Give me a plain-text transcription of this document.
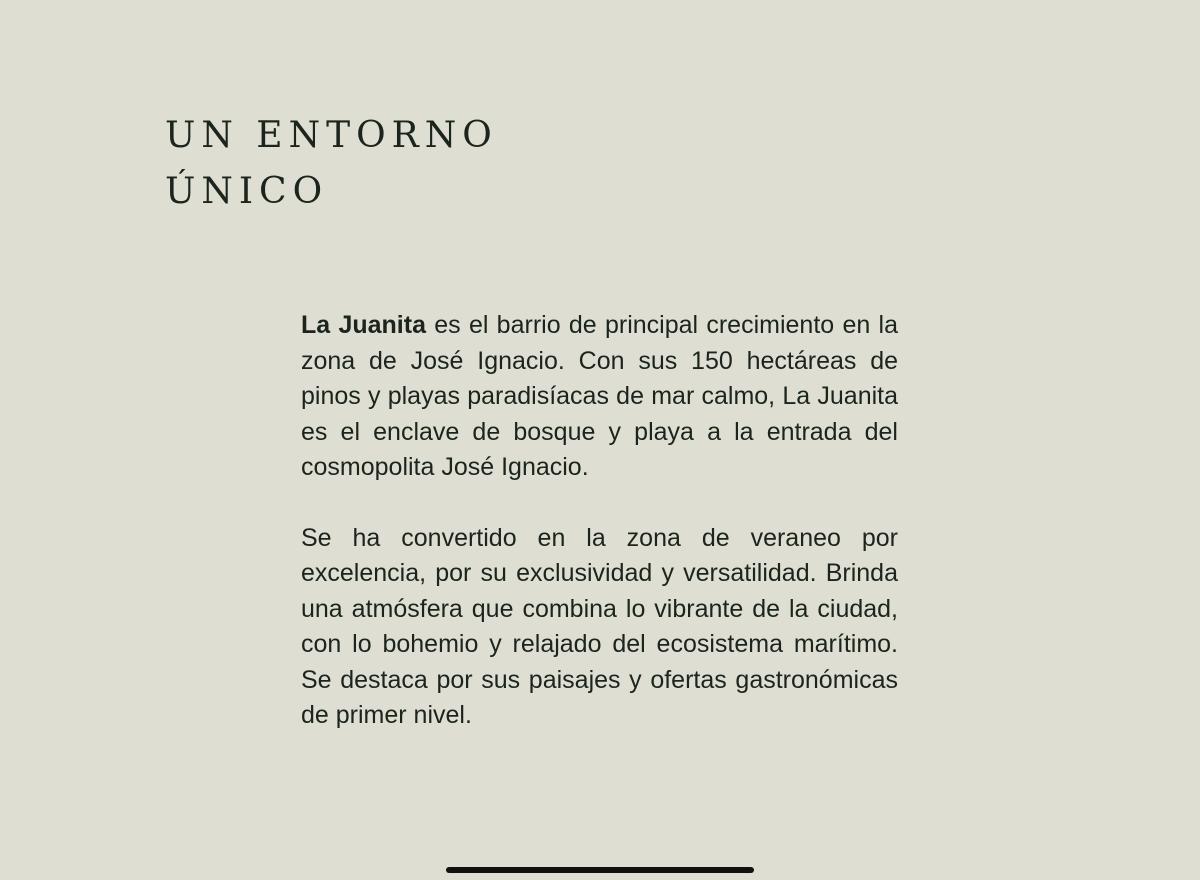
UN ENTORNO
ÚNICO

La Juanita es el barrio de principal crecimiento en la zona de José Ignacio. Con sus 150 hectáreas de pinos y playas paradisíacas de mar calmo, La Juanita es el enclave de bosque y playa a la entrada del cosmopolita José Ignacio.

Se ha convertido en la zona de veraneo por excelencia, por su exclusividad y versatilidad. Brinda una atmósfera que combina lo vibrante de la ciudad, con lo bohemio y relajado del ecosistema marítimo. Se destaca por sus paisajes y ofertas gastronómicas de primer nivel.
